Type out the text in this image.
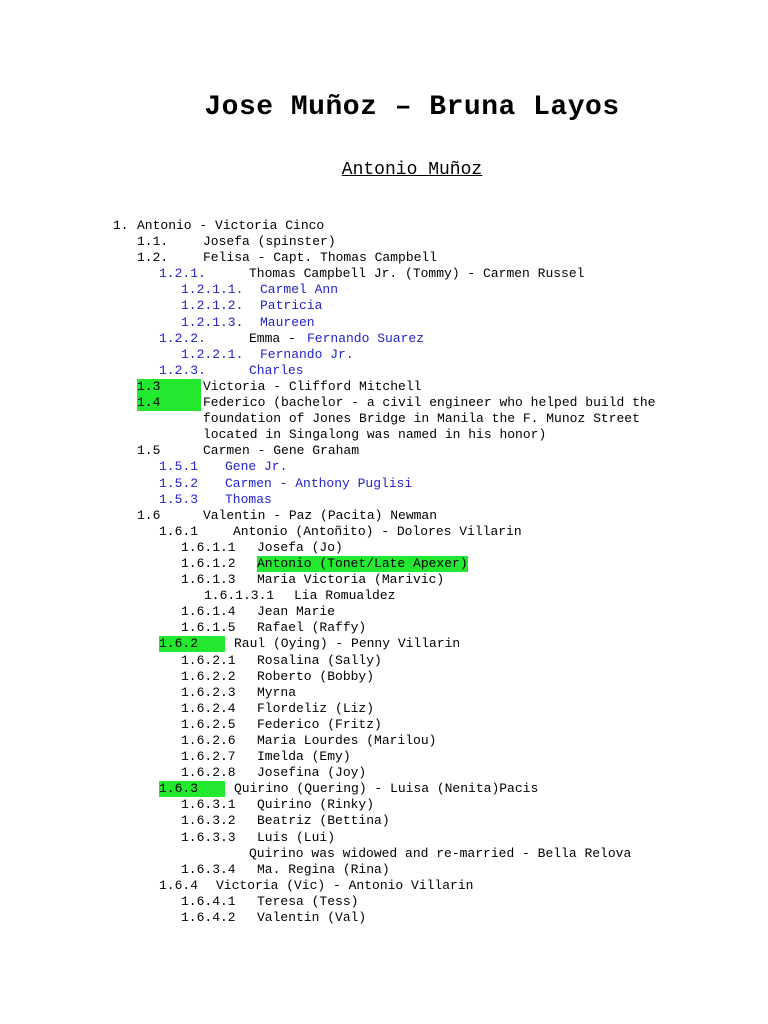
Jose Muñoz – Bruna Layos
Antonio Muñoz
1. Antonio - Victoria Cinco
1.1.	Josefa (spinster)
1.2.	Felisa - Capt. Thomas Campbell
1.2.1.	Thomas Campbell Jr. (Tommy) - Carmen Russel
1.2.1.1. Carmel Ann
1.2.1.2. Patricia
1.2.1.3. Maureen
1.2.2.	Emma - Fernando Suarez
1.2.2.1. Fernando Jr.
1.2.3.	Charles
1.3	Victoria - Clifford Mitchell
1.4	Federico (bachelor - a civil engineer who helped build the
foundation of Jones Bridge in Manila the F. Munoz Street
located in Singalong was named in his honor)
1.5	Carmen - Gene Graham
1.5.1 Gene Jr.
1.5.2 Carmen - Anthony Puglisi
1.5.3 Thomas
1.6	Valentin - Paz (Pacita) Newman
1.6.1	Antonio (Antoñito) - Dolores Villarin
1.6.1.1 Josefa (Jo)
1.6.1.2 Antonio (Tonet/Late Apexer)
1.6.1.3 Maria Victoria (Marivic)
1.6.1.3.1 Lia Romualdez
1.6.1.4 Jean Marie
1.6.1.5 Rafael (Raffy)
1.6.2	Raul (Oying) - Penny Villarin
1.6.2.1 Rosalina (Sally)
1.6.2.2 Roberto (Bobby)
1.6.2.3 Myrna
1.6.2.4 Flordeliz (Liz)
1.6.2.5 Federico (Fritz)
1.6.2.6 Maria Lourdes (Marilou)
1.6.2.7 Imelda (Emy)
1.6.2.8 Josefina (Joy)
1.6.3	Quirino (Quering) - Luisa (Nenita)Pacis
1.6.3.1 Quirino (Rinky)
1.6.3.2 Beatriz (Bettina)
1.6.3.3 Luis (Lui)
Quirino was widowed and re-married - Bella Relova
1.6.3.4 Ma. Regina (Rina)
1.6.4 Victoria (Vic) - Antonio Villarin
1.6.4.1 Teresa (Tess)
1.6.4.2 Valentin (Val)
